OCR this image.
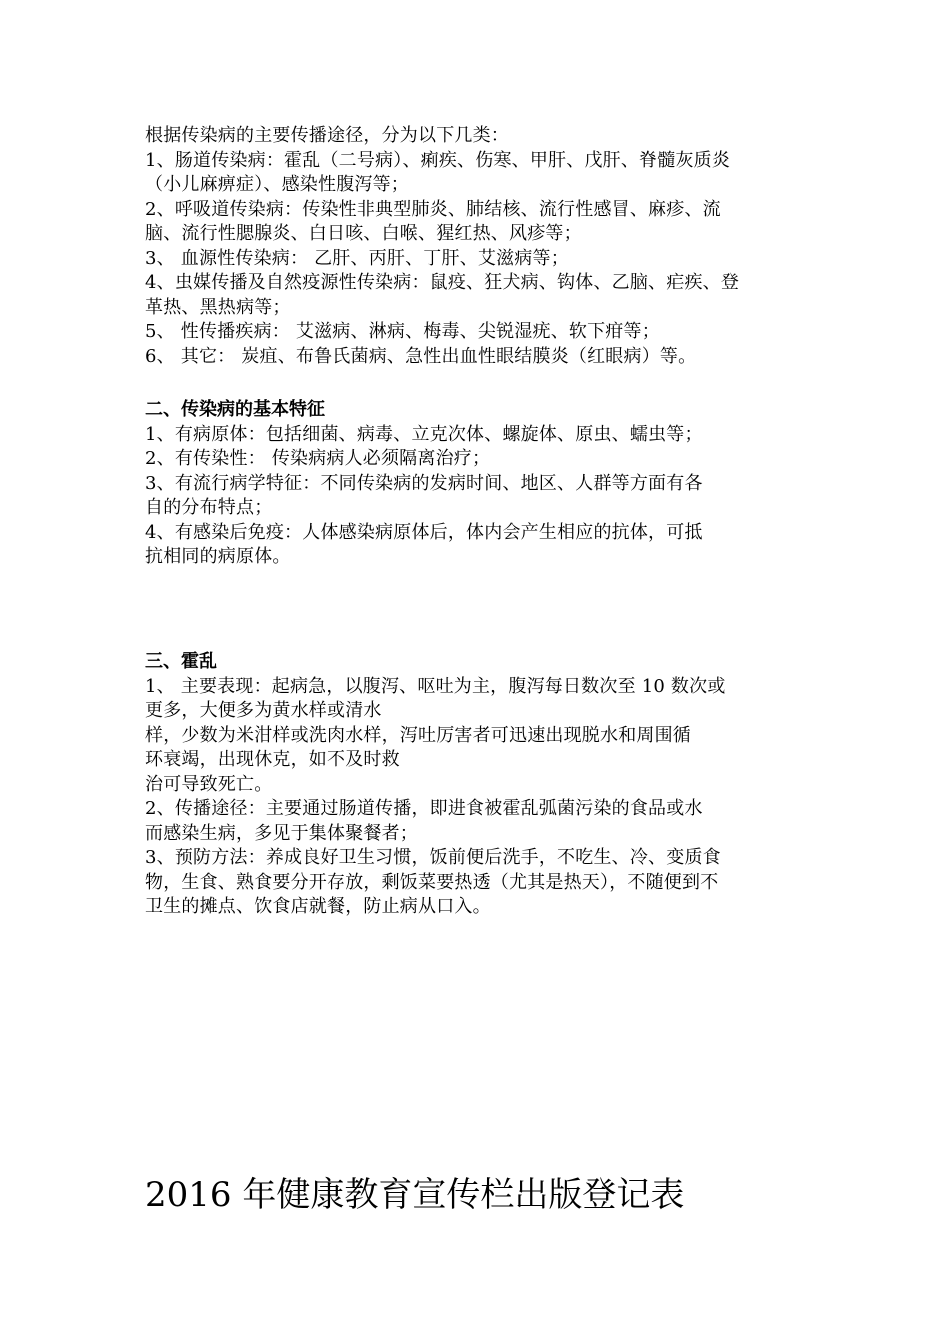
根据传染病的主要传播途径，分为以下几类：
1、肠道传染病：霍乱（二号病）、痢疾、伤寒、甲肝、戊肝、脊髓灰质炎
（小儿麻痹症）、感染性腹泻等；
2、呼吸道传染病：传染性非典型肺炎、肺结核、流行性感冒、麻疹、流
脑、流行性腮腺炎、白日咳、白喉、猩红热、风疹等；
3、 血源性传染病： 乙肝、丙肝、丁肝、艾滋病等；
4、虫媒传播及自然疫源性传染病：鼠疫、狂犬病、钩体、乙脑、疟疾、登
革热、黑热病等；
5、 性传播疾病： 艾滋病、淋病、梅毒、尖锐湿疣、软下疳等；
6、 其它： 炭疽、布鲁氏菌病、急性出血性眼结膜炎（红眼病）等。
二、传染病的基本特征
1、有病原体：包括细菌、病毒、立克次体、螺旋体、原虫、蠕虫等；
2、有传染性： 传染病病人必须隔离治疗；
3、有流行病学特征：不同传染病的发病时间、地区、人群等方面有各
自的分布特点；
4、有感染后免疫：人体感染病原体后，体内会产生相应的抗体，可抵
抗相同的病原体。
三、霍乱
1、 主要表现：起病急，以腹泻、呕吐为主，腹泻每日数次至 10 数次或
更多，大便多为黄水样或清水
样，少数为米泔样或洗肉水样，泻吐厉害者可迅速出现脱水和周围循
环衰竭，出现休克，如不及时救
治可导致死亡。
2、传播途径：主要通过肠道传播，即进食被霍乱弧菌污染的食品或水
而感染生病，多见于集体聚餐者；
3、预防方法：养成良好卫生习惯，饭前便后洗手，不吃生、冷、变质食
物，生食、熟食要分开存放，剩饭菜要热透（尤其是热天），不随便到不
卫生的摊点、饮食店就餐，防止病从口入。
2016 年健康教育宣传栏出版登记表
